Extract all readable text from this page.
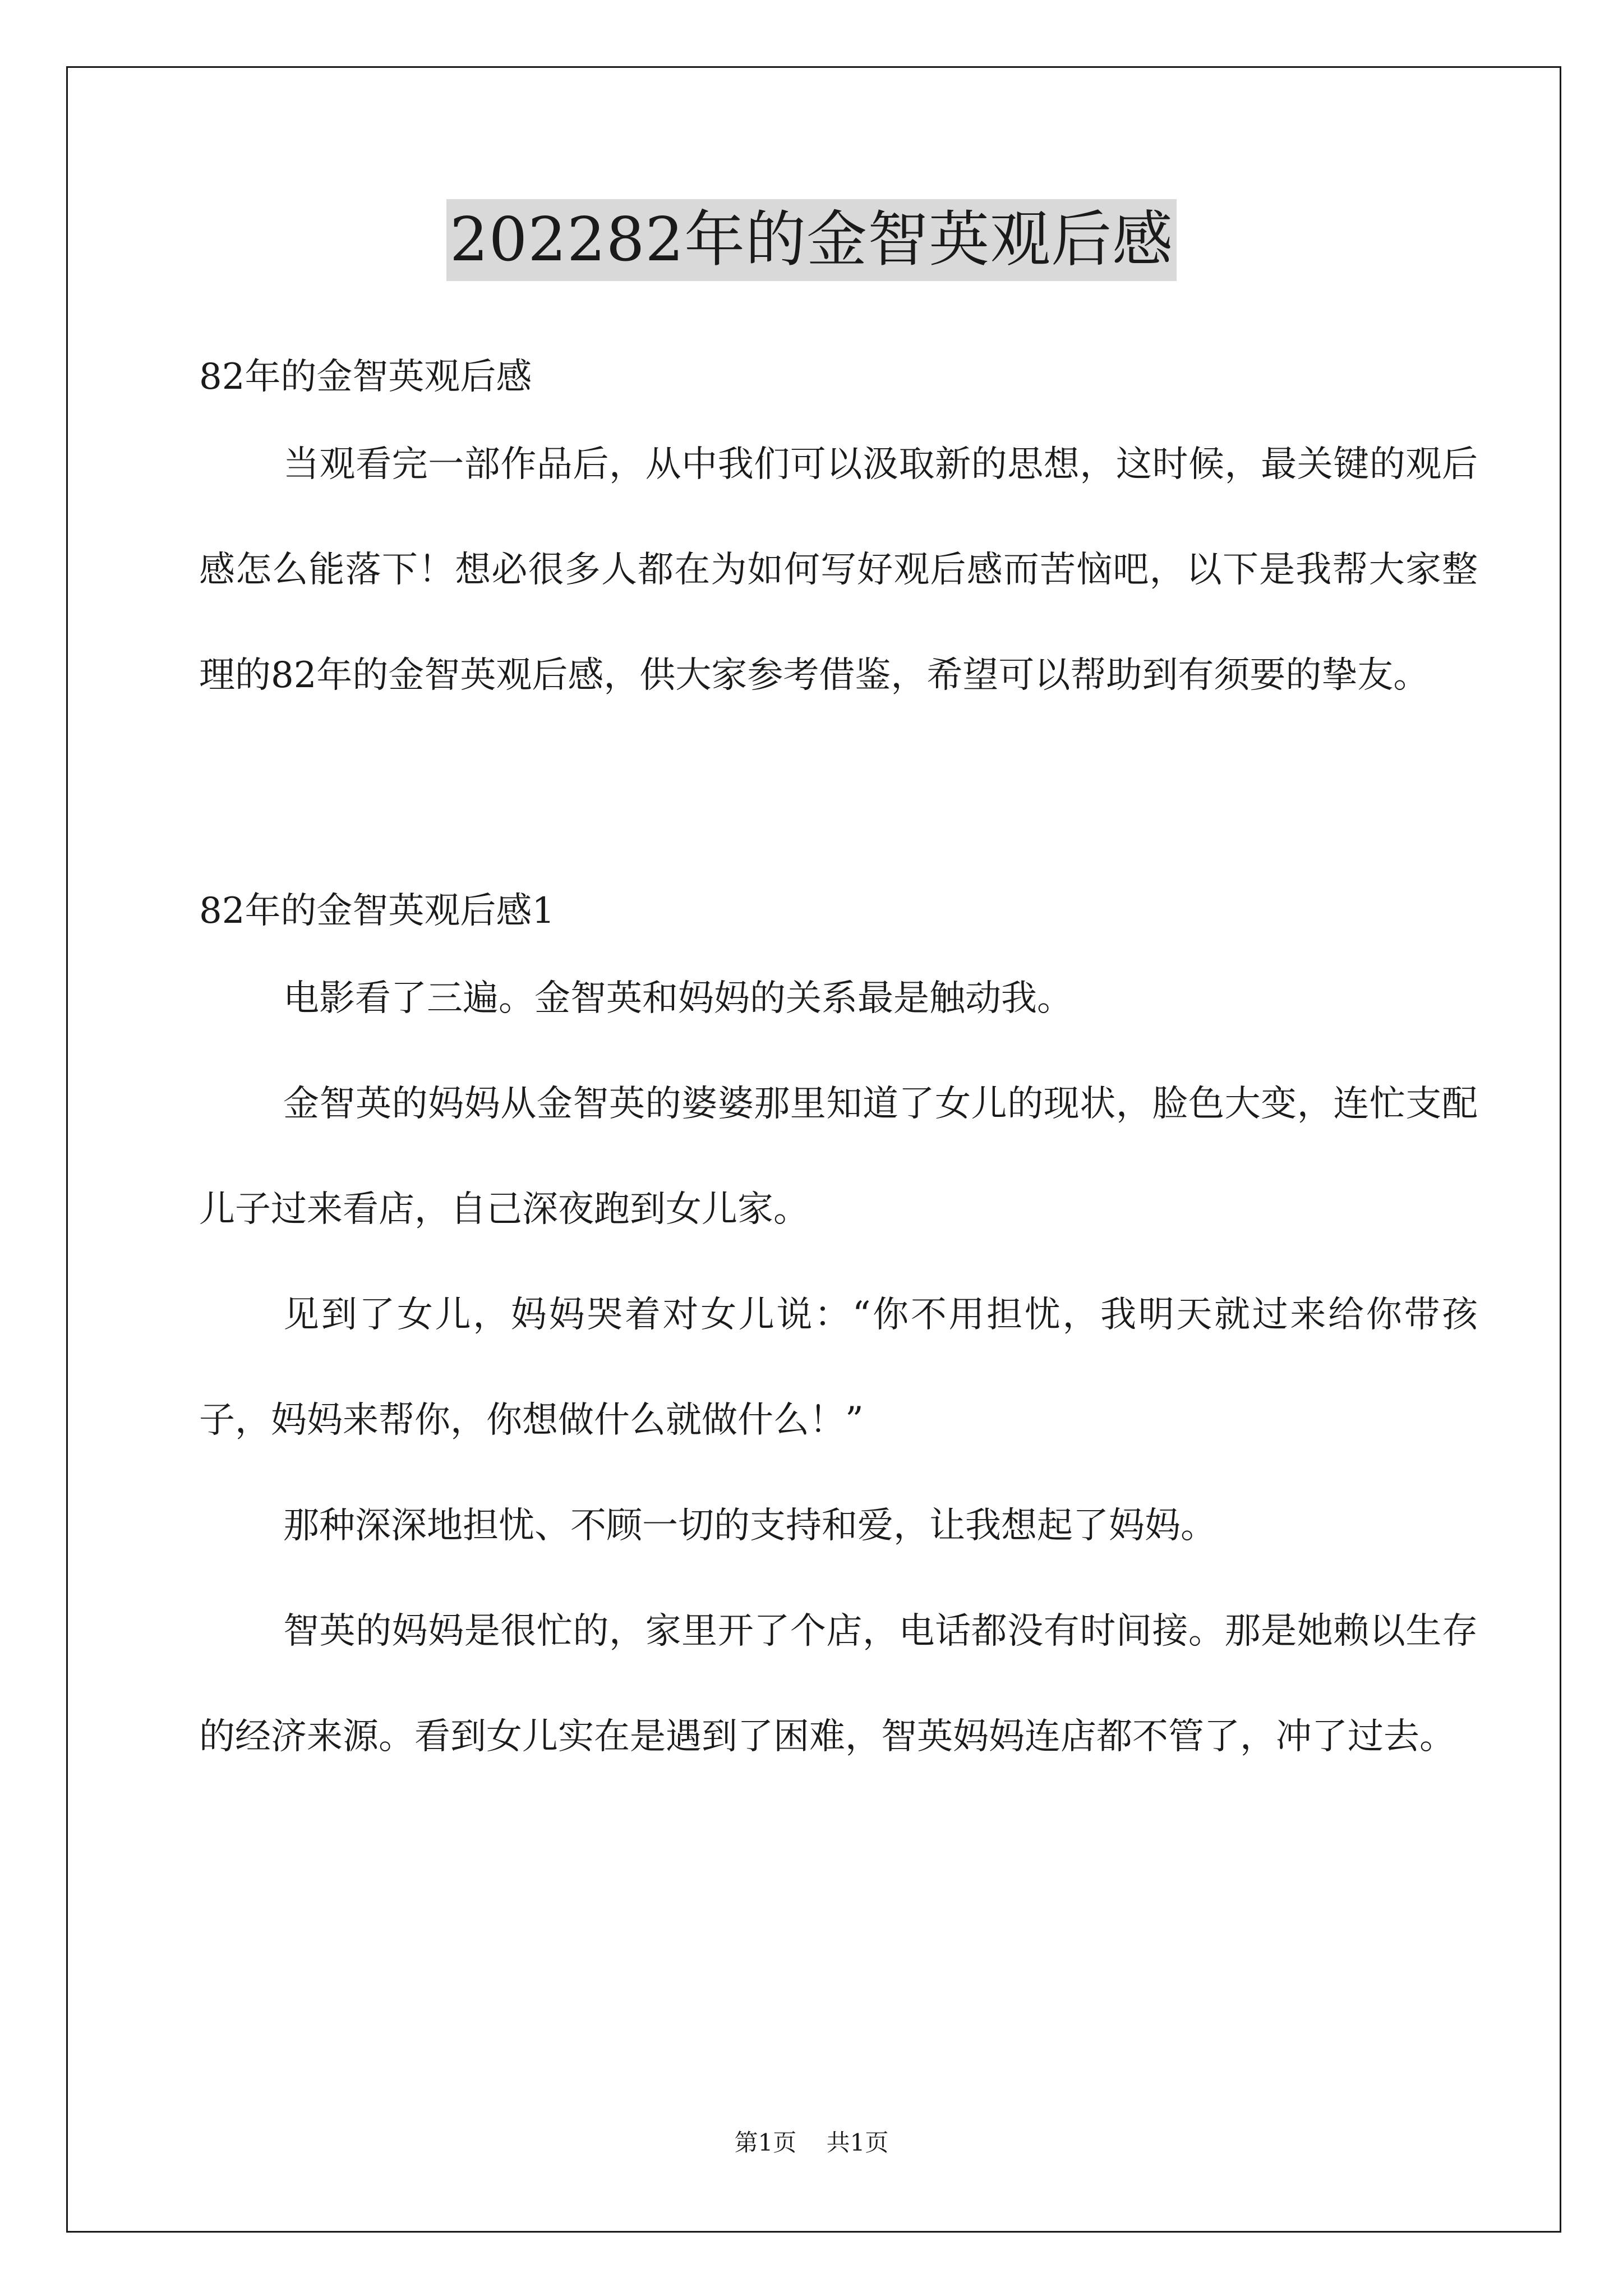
202282年的金智英观后感

82年的金智英观后感

当观看完一部作品后，从中我们可以汲取新的思想，这时候，最关键的观后感怎么能落下！想必很多人都在为如何写好观后感而苦恼吧，以下是我帮大家整理的82年的金智英观后感，供大家参考借鉴，希望可以帮助到有须要的挚友。

82年的金智英观后感1

电影看了三遍。金智英和妈妈的关系最是触动我。

金智英的妈妈从金智英的婆婆那里知道了女儿的现状，脸色大变，连忙支配儿子过来看店，自己深夜跑到女儿家。

见到了女儿，妈妈哭着对女儿说：“你不用担忧，我明天就过来给你带孩子，妈妈来帮你，你想做什么就做什么！”

那种深深地担忧、不顾一切的支持和爱，让我想起了妈妈。

智英的妈妈是很忙的，家里开了个店，电话都没有时间接。那是她赖以生存的经济来源。看到女儿实在是遇到了困难，智英妈妈连店都不管了，冲了过去。

第1页    共1页
